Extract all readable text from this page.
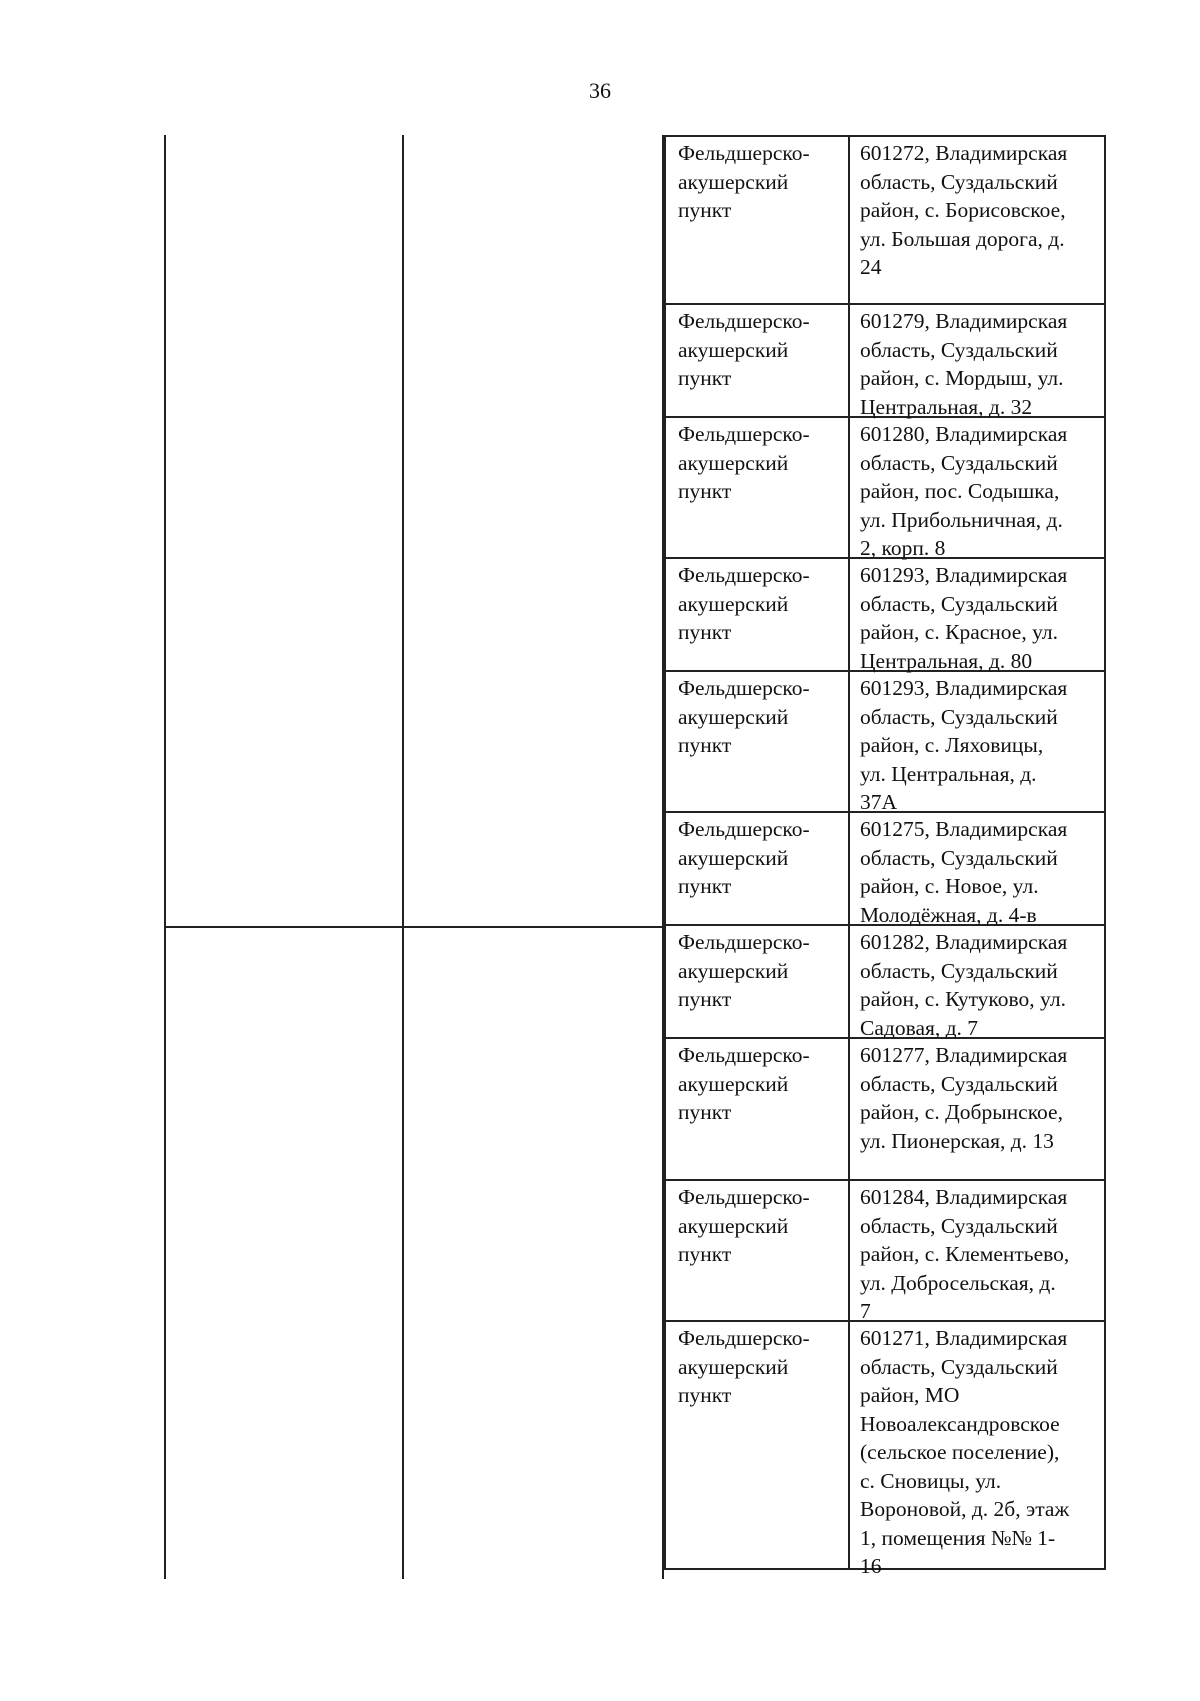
36
Фельдшерско-
акушерский
пункт
601272, Владимирская
область, Суздальский
район, с. Борисовское,
ул. Большая дорога, д.
24
Фельдшерско-
акушерский
пункт
601279, Владимирская
область, Суздальский
район, с. Мордыш, ул.
Центральная, д. 32
Фельдшерско-
акушерский
пункт
601280, Владимирская
область, Суздальский
район, пос. Содышка,
ул. Прибольничная, д.
2, корп. 8
Фельдшерско-
акушерский
пункт
601293, Владимирская
область, Суздальский
район, с. Красное, ул.
Центральная, д. 80
Фельдшерско-
акушерский
пункт
601293, Владимирская
область, Суздальский
район, с. Ляховицы,
ул. Центральная, д.
37А
Фельдшерско-
акушерский
пункт
601275, Владимирская
область, Суздальский
район, с. Новое, ул.
Молодёжная, д. 4-в
Фельдшерско-
акушерский
пункт
601282, Владимирская
область, Суздальский
район, с. Кутуково, ул.
Садовая, д. 7
Фельдшерско-
акушерский
пункт
601277, Владимирская
область, Суздальский
район, с. Добрынское,
ул. Пионерская, д. 13
Фельдшерско-
акушерский
пункт
601284, Владимирская
область, Суздальский
район, с. Клементьево,
ул. Добросельская, д.
7
Фельдшерско-
акушерский
пункт
601271, Владимирская
область, Суздальский
район, МО
Новоалександровское
(сельское поселение),
с. Сновицы, ул.
Вороновой, д. 2б, этаж
1, помещения №№ 1-
16
